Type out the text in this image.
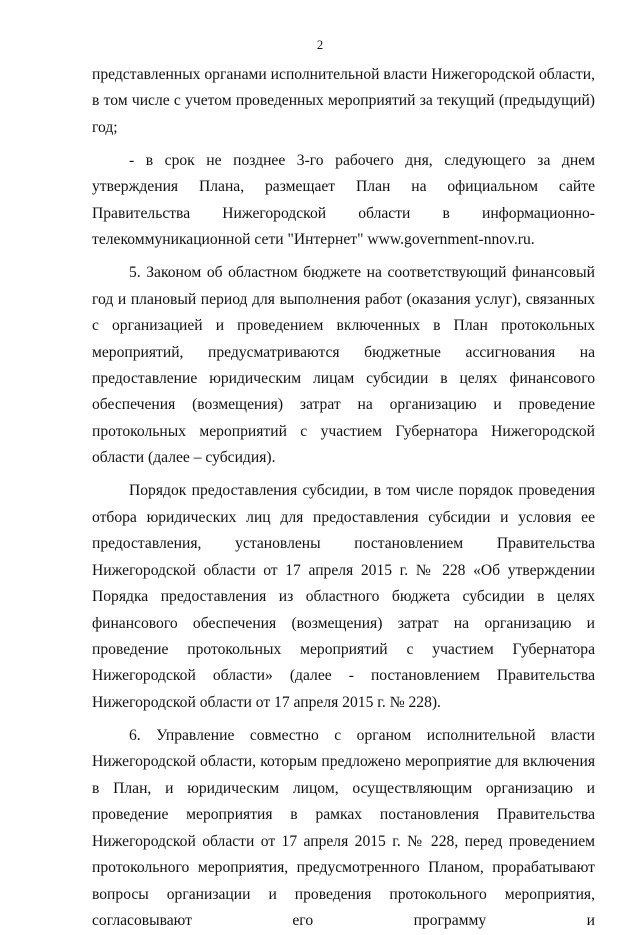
2

представленных органами исполнительной власти Нижегородской области, в том числе с учетом проведенных мероприятий за текущий (предыдущий) год;

- в срок не позднее 3-го рабочего дня, следующего за днем утверждения Плана, размещает План на официальном сайте Правительства Нижегородской области в информационно-телекоммуникационной сети "Интернет" www.government-nnov.ru.

5. Законом об областном бюджете на соответствующий финансовый год и плановый период для выполнения работ (оказания услуг), связанных с организацией и проведением включенных в План протокольных мероприятий, предусматриваются бюджетные ассигнования на предоставление юридическим лицам субсидии в целях финансового обеспечения (возмещения) затрат на организацию и проведение протокольных мероприятий с участием Губернатора Нижегородской области (далее – субсидия).

Порядок предоставления субсидии, в том числе порядок проведения отбора юридических лиц для предоставления субсидии и условия ее предоставления, установлены постановлением Правительства Нижегородской области от 17 апреля 2015 г. № 228 «Об утверждении Порядка предоставления из областного бюджета субсидии в целях финансового обеспечения (возмещения) затрат на организацию и проведение протокольных мероприятий с участием Губернатора Нижегородской области» (далее - постановлением Правительства Нижегородской области от 17 апреля 2015 г. № 228).

6. Управление совместно с органом исполнительной власти Нижегородской области, которым предложено мероприятие для включения в План, и юридическим лицом, осуществляющим организацию и проведение мероприятия в рамках постановления Правительства Нижегородской области от 17 апреля 2015 г. № 228, перед проведением протокольного мероприятия, предусмотренного Планом, прорабатывают вопросы организации и проведения протокольного мероприятия, согласовывают его программу и
